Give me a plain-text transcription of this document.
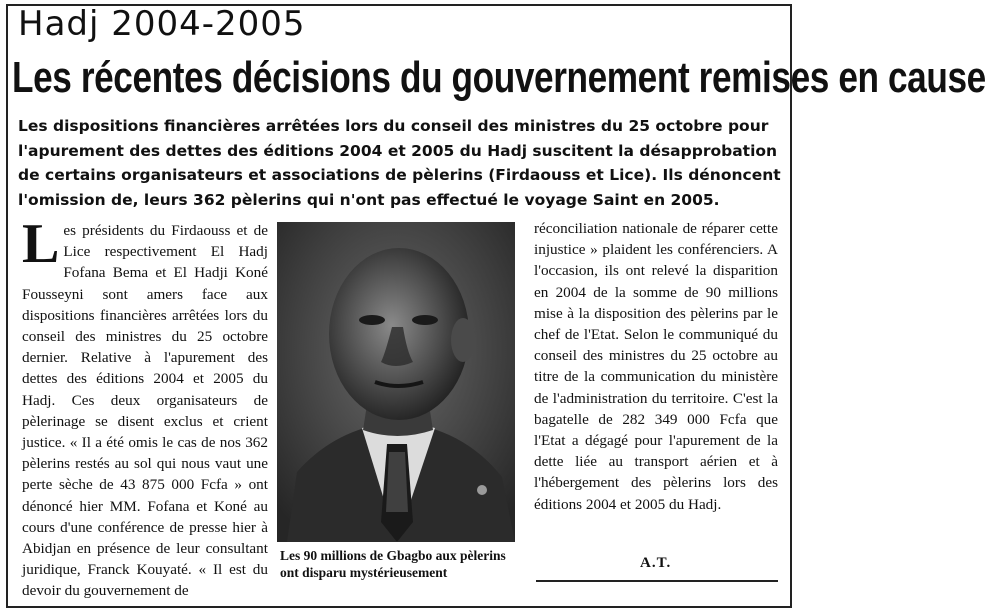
Hadj 2004-2005
Les récentes décisions du gouvernement remises en cause
Les dispositions financières arrêtées lors du conseil des ministres du 25 octobre pour l'apurement des dettes des éditions 2004 et 2005 du Hadj suscitent la désapprobation de certains organisateurs et associations de pèlerins (Firdaouss et Lice). Ils dénoncent l'omission de, leurs 362 pèlerins qui n'ont pas effectué le voyage Saint en 2005.
Les présidents du Firdaouss et de Lice respectivement El Hadj Fofana Bema et El Hadji Koné Fousseyni sont amers face aux dispositions financières arrêtées lors du conseil des ministres du 25 octobre dernier. Relative à l'apurement des dettes des éditions 2004 et 2005 du Hadj. Ces deux organisateurs de pèlerinage se disent exclus et crient justice. « Il a été omis le cas de nos 362 pèlerins restés au sol qui nous vaut une perte sèche de 43 875 000 Fcfa » ont dénoncé hier MM. Fofana et Koné au cours d'une conférence de presse hier à Abidjan en présence de leur consultant juridique, Franck Kouyaté. « Il est du devoir du gouvernement de
Les 90 millions de Gbagbo aux pèlerins ont disparu mystérieusement
réconciliation nationale de réparer cette injustice » plaident les conférenciers. A l'occasion, ils ont relevé la disparition en 2004 de la somme de 90 millions mise à la disposition des pèlerins par le chef de l'Etat. Selon le communiqué du conseil des ministres du 25 octobre au titre de la communication du ministère de l'administration du territoire. C'est la bagatelle de 282 349 000 Fcfa que l'Etat a dégagé pour l'apurement de la dette liée au transport aérien et à l'hébergement des pèlerins lors des éditions 2004 et 2005 du Hadj.
A.T.
